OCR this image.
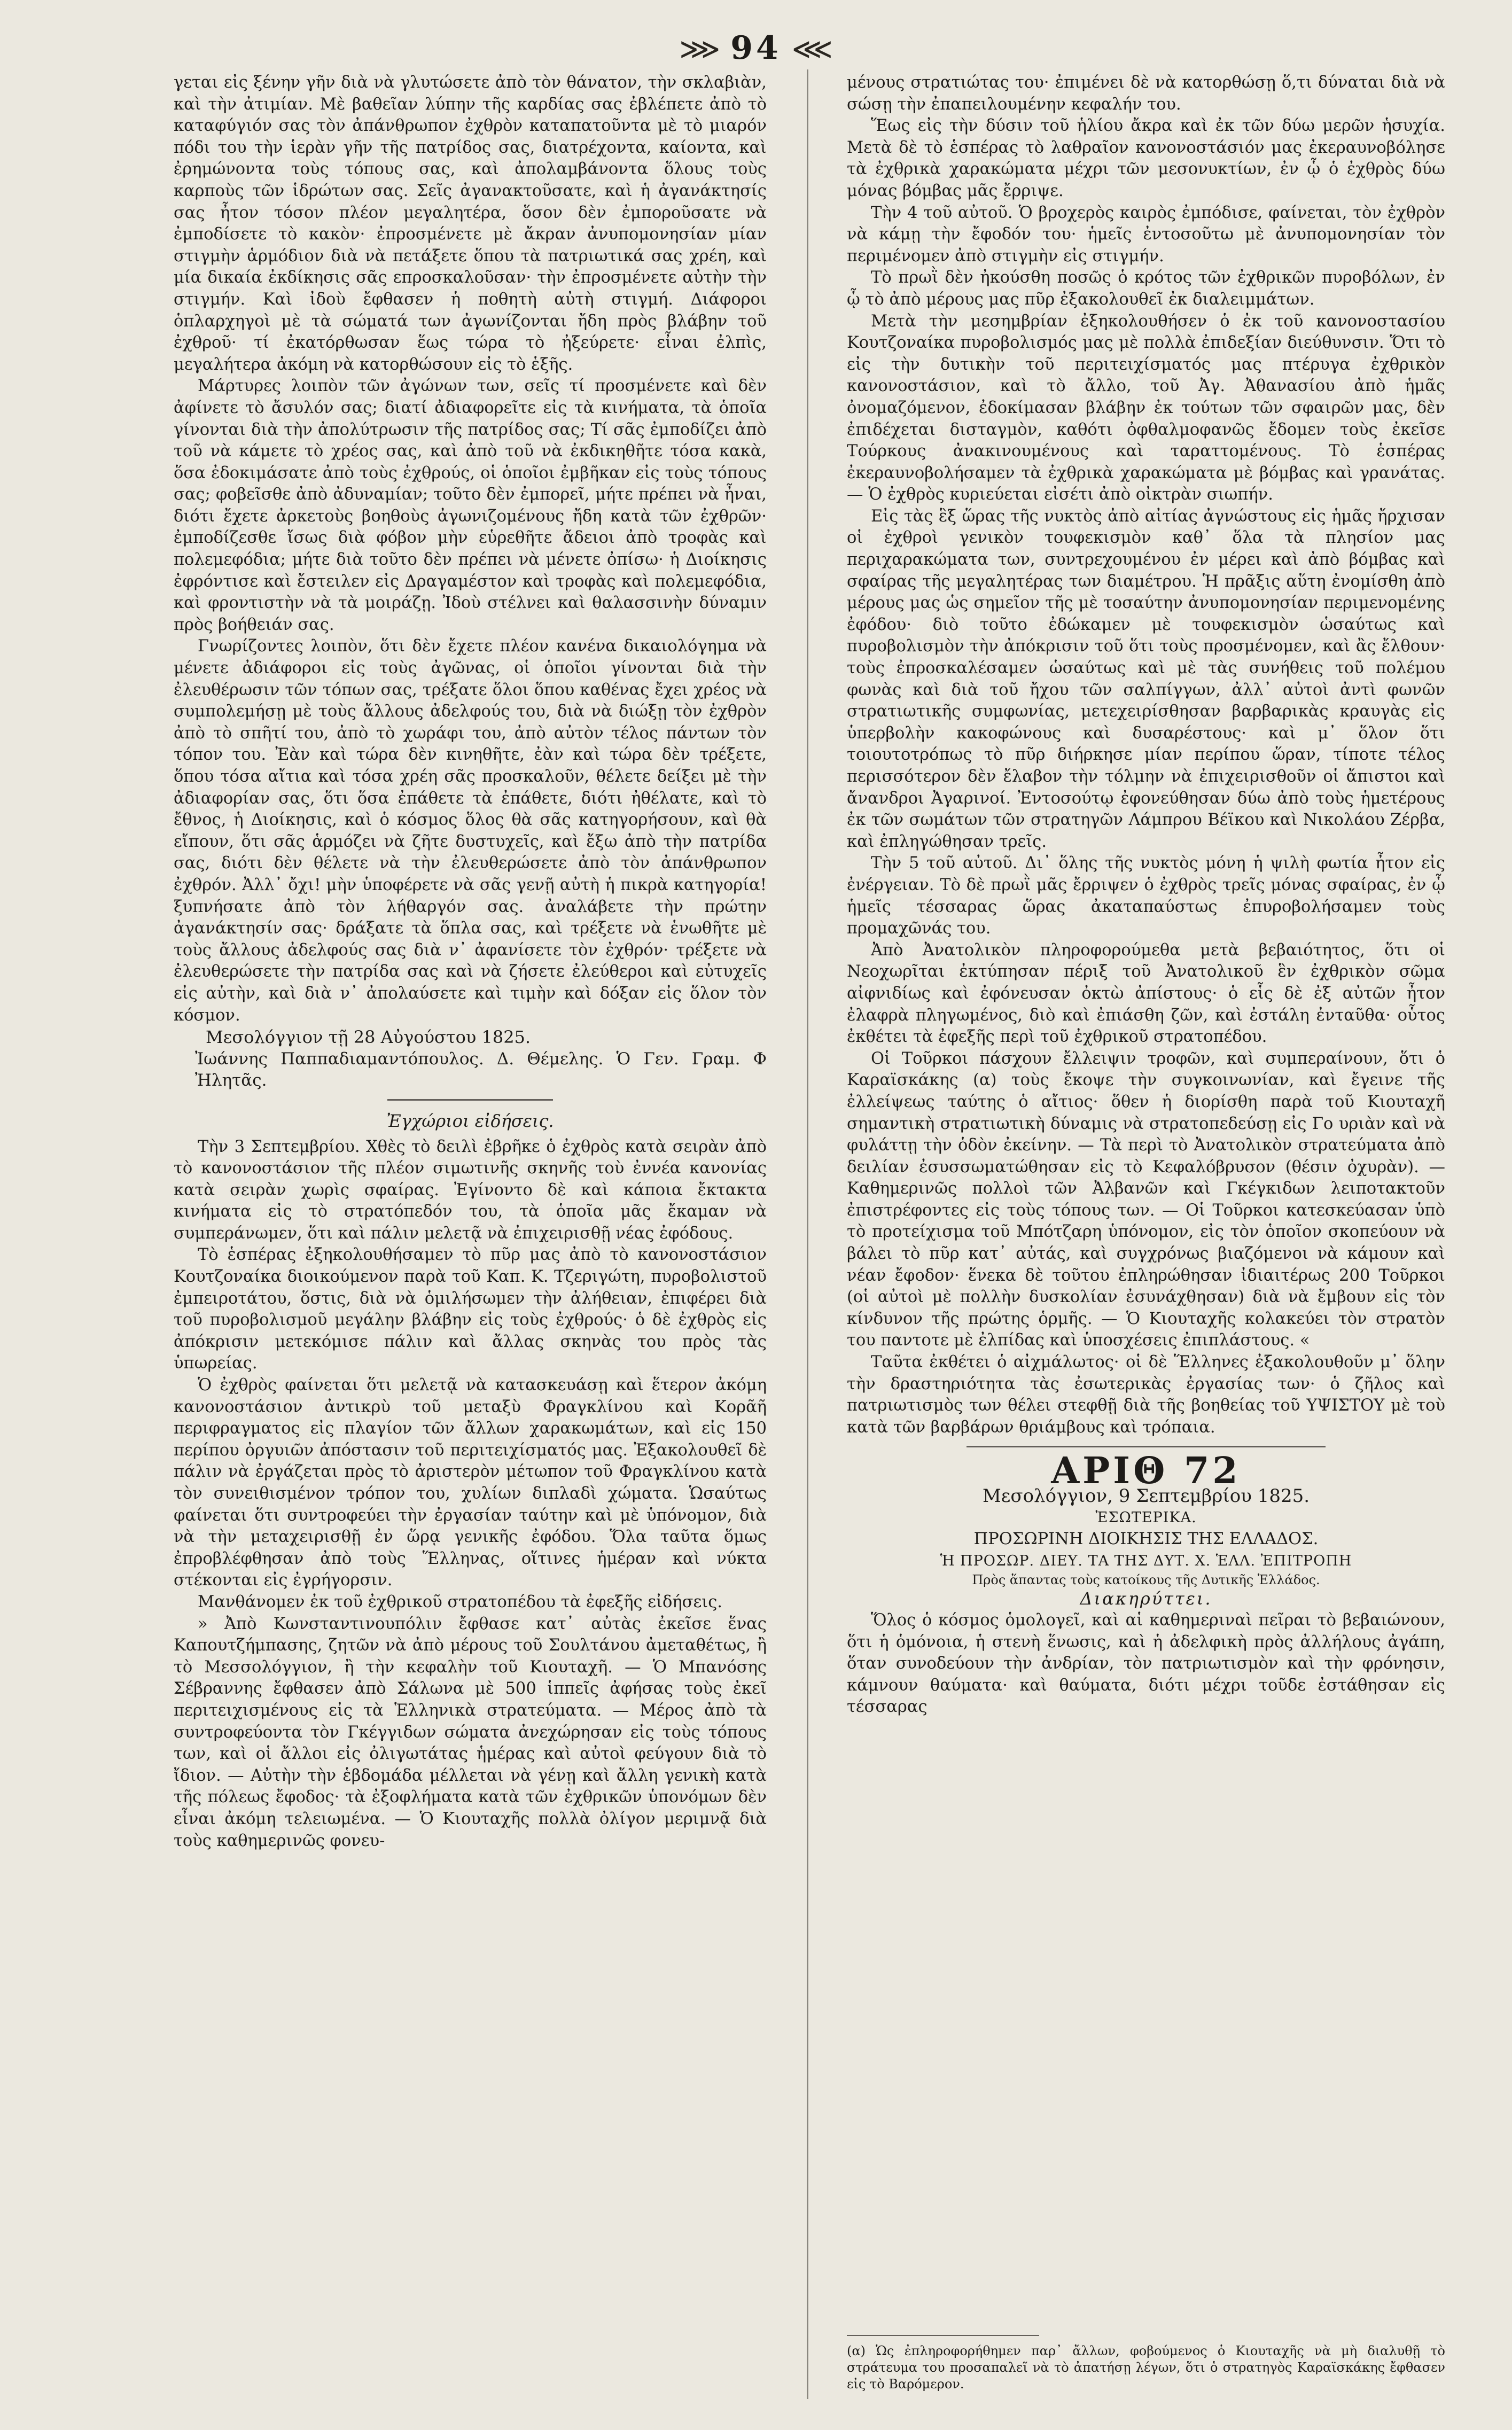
⋙ 94 ⋘

γεται εἰς ξένην γῆν διὰ νὰ γλυτώσετε ἀπὸ τὸν θάνατον, τὴν σκλαβιὰν, καὶ τὴν ἀτιμίαν. Μὲ βαθεῖαν λύπην τῆς καρδίας σας ἐβλέπετε ἀπὸ τὸ καταφύγιόν σας τὸν ἀπάνθρωπον ἐχθρὸν καταπατοῦντα μὲ τὸ μιαρόν πόδι του τὴν ἱερὰν γῆν τῆς πατρίδος σας, διατρέχοντα, καίοντα, καὶ ἐρημώνοντα τοὺς τόπους σας, καὶ ἀπολαμβάνοντα ὅλους τοὺς καρποὺς τῶν ἱδρώτων σας. Σεῖς ἀγανακτοῦσατε, καὶ ἡ ἀγανάκτησίς σας ἦτον τόσον πλέον μεγαλητέρα, ὅσον δὲν ἐμποροῦσατε νὰ ἐμποδίσετε τὸ κακὸν· ἐπροσμένετε μὲ ἄκραν ἀνυπομονησίαν μίαν στιγμὴν ἁρμόδιον διὰ νὰ πετάξετε ὅπου τὰ πατριωτικά σας χρέη, καὶ μία δικαία ἐκδίκησις σᾶς επροσκαλοῦσαν· τὴν ἐπροσμένετε αὐτὴν τὴν στιγμήν. Καὶ ἰδοὺ ἔφθασεν ἡ ποθητὴ αὐτὴ στιγμή. Διάφοροι ὁπλαρχηγοὶ μὲ τὰ σώματά των ἀγωνίζονται ἤδη πρὸς βλάβην τοῦ ἐχθροῦ· τί ἐκατόρθωσαν ἕως τώρα τὸ ἠξεύρετε· εἶναι ἐλπὶς, μεγαλήτερα ἀκόμη νὰ κατορθώσουν εἰς τὸ ἑξῆς.

Μάρτυρες λοιπὸν τῶν ἀγώνων των, σεῖς τί προσμένετε καὶ δὲν ἀφίνετε τὸ ἄσυλόν σας; διατί ἀδιαφορεῖτε εἰς τὰ κινήματα, τὰ ὁποῖα γίνονται διὰ τὴν ἀπολύτρωσιν τῆς πατρίδος σας; Τί σᾶς ἐμποδίζει ἀπὸ τοῦ νὰ κάμετε τὸ χρέος σας, καὶ ἀπὸ τοῦ νὰ ἐκδικηθῆτε τόσα κακὰ, ὅσα ἐδοκιμάσατε ἀπὸ τοὺς ἐχθρούς, οἱ ὁποῖοι ἐμβῆκαν εἰς τοὺς τόπους σας; φοβεῖσθε ἀπὸ ἀδυναμίαν; τοῦτο δὲν ἐμπορεῖ, μήτε πρέπει νὰ ἦναι, διότι ἔχετε ἀρκετοὺς βοηθοὺς ἀγωνιζομένους ἤδη κατὰ τῶν ἐχθρῶν· ἐμποδίζεσθε ἴσως διὰ φόβον μὴν εὑρεθῆτε ἄδειοι ἀπὸ τροφὰς καὶ πολεμεφόδια; μήτε διὰ τοῦτο δὲν πρέπει νὰ μένετε ὀπίσω· ἡ Διοίκησις ἐφρόντισε καὶ ἔστειλεν εἰς Δραγαμέστον καὶ τροφὰς καὶ πολεμεφόδια, καὶ φροντιστὴν νὰ τὰ μοιράζῃ. Ἰδοὺ στέλνει καὶ θαλασσινὴν δύναμιν πρὸς βοήθειάν σας.

Γνωρίζοντες λοιπὸν, ὅτι δὲν ἔχετε πλέον κανένα δικαιολόγημα νὰ μένετε ἀδιάφοροι εἰς τοὺς ἀγῶνας, οἱ ὁποῖοι γίνονται διὰ τὴν ἐλευθέρωσιν τῶν τόπων σας, τρέξατε ὅλοι ὅπου καθένας ἔχει χρέος νὰ συμπολεμήσῃ μὲ τοὺς ἄλλους ἀδελφούς του, διὰ νὰ διώξῃ τὸν ἐχθρὸν ἀπὸ τὸ σπῆτί του, ἀπὸ τὸ χωράφι του, ἀπὸ αὐτὸν τέλος πάντων τὸν τόπον του. Ἐὰν καὶ τώρα δὲν κινηθῆτε, ἐὰν καὶ τώρα δὲν τρέξετε, ὅπου τόσα αἴτια καὶ τόσα χρέη σᾶς προσκαλοῦν, θέλετε δείξει μὲ τὴν ἀδιαφορίαν σας, ὅτι ὅσα ἐπάθετε τὰ ἐπάθετε, διότι ἠθέλατε, καὶ τὸ ἔθνος, ἡ Διοίκησις, καὶ ὁ κόσμος ὅλος θὰ σᾶς κατηγορήσουν, καὶ θὰ εἴπουν, ὅτι σᾶς ἁρμόζει νὰ ζῆτε δυστυχεῖς, καὶ ἔξω ἀπὸ τὴν πατρίδα σας, διότι δὲν θέλετε νὰ τὴν ἐλευθερώσετε ἀπὸ τὸν ἀπάνθρωπον ἐχθρόν. Ἀλλ᾽ ὄχι! μὴν ὑποφέρετε νὰ σᾶς γενῇ αὐτὴ ἡ πικρὰ κατηγορία! ξυπνήσατε ἀπὸ τὸν λήθαργόν σας. ἀναλάβετε τὴν πρώτην ἀγανάκτησίν σας· δράξατε τὰ ὅπλα σας, καὶ τρέξετε νὰ ἑνωθῆτε μὲ τοὺς ἄλλους ἀδελφούς σας διὰ ν᾽ ἀφανίσετε τὸν ἐχθρόν· τρέξετε νὰ ἐλευθερώσετε τὴν πατρίδα σας καὶ νὰ ζήσετε ἐλεύθεροι καὶ εὐτυχεῖς εἰς αὐτὴν, καὶ διὰ ν᾽ ἀπολαύσετε καὶ τιμὴν καὶ δόξαν εἰς ὅλον τὸν κόσμον.

Μεσολόγγιον τῇ 28 Αὐγούστου 1825.

Ἰωάννης Παππαδιαμαντόπουλος. Δ. Θέμελης. Ὁ Γεν. Γραμ. Φ Ἠλητᾶς.

Ἐγχώριοι εἰδήσεις.

Τὴν 3 Σεπτεμβρίου. Χθὲς τὸ δειλὶ ἐβρῆκε ὁ ἐχθρὸς κατὰ σειρὰν ἀπὸ τὸ κανονοστάσιον τῆς πλέον σιμωτινῆς σκηνῆς τοὺ ἐννέα κανονίας κατὰ σειρὰν χωρὶς σφαίρας. Ἐγίνοντο δὲ καὶ κάποια ἔκτακτα κινήματα εἰς τὸ στρατόπεδόν του, τὰ ὁποῖα μᾶς ἔκαμαν νὰ συμπεράνωμεν, ὅτι καὶ πάλιν μελετᾷ νὰ ἐπιχειρισθῇ νέας ἐφόδους.

Τὸ ἑσπέρας ἐξηκολουθήσαμεν τὸ πῦρ μας ἀπὸ τὸ κανονοστάσιον Κουτζοναίκα διοικούμενον παρὰ τοῦ Καπ. Κ. Τζεριγώτη, πυροβολιστοῦ ἐμπειροτάτου, ὅστις, διὰ νὰ ὁμιλήσωμεν τὴν ἀλήθειαν, ἐπιφέρει διὰ τοῦ πυροβολισμοῦ μεγάλην βλάβην εἰς τοὺς ἐχθρούς· ὁ δὲ ἐχθρὸς εἰς ἀπόκρισιν μετεκόμισε πάλιν καὶ ἄλλας σκηνὰς του πρὸς τὰς ὑπωρείας.

Ὁ ἐχθρὸς φαίνεται ὅτι μελετᾷ νὰ κατασκευάσῃ καὶ ἕτερον ἀκόμη κανονοστάσιον ἀντικρὺ τοῦ μεταξὺ Φραγκλίνου καὶ Κορᾶῆ περιφραγματος εἰς πλαγίον τῶν ἄλλων χαρακωμάτων, καὶ εἰς 150 περίπου ὀργυιῶν ἀπόστασιν τοῦ περιτειχίσματός μας. Ἐξακολουθεῖ δὲ πάλιν νὰ ἐργάζεται πρὸς τὸ ἀριστερὸν μέτωπον τοῦ Φραγκλίνου κατὰ τὸν συνειθισμένον τρόπον του, χυλίων διπλαδὶ χώματα. Ὡσαύτως φαίνεται ὅτι συντροφεύει τὴν ἐργασίαν ταύτην καὶ μὲ ὑπόνομον, διὰ νὰ τὴν μεταχειρισθῇ ἐν ὥρᾳ γενικῆς ἐφόδου. Ὅλα ταῦτα ὅμως ἐπροβλέφθησαν ἀπὸ τοὺς Ἕλληνας, οἵτινες ἡμέραν καὶ νύκτα στέκονται εἰς ἐγρήγορσιν.

Μανθάνομεν ἐκ τοῦ ἐχθρικοῦ στρατοπέδου τὰ ἐφεξῆς εἰδήσεις.

» Ἀπὸ Κωνσταντινουπόλιν ἔφθασε κατ᾽ αὐτὰς ἐκεῖσε ἕνας Καπουτζήμπασης, ζητῶν νὰ ἀπὸ μέρους τοῦ Σουλτάνου ἀμεταθέτως, ἢ τὸ Μεσσολόγγιον, ἢ τὴν κεφαλὴν τοῦ Κιουταχῆ. — Ὁ Μπανόσης Σέβραννης ἔφθασεν ἀπὸ Σάλωνα μὲ 500 ἱππεῖς ἀφήσας τοὺς ἐκεῖ περιτειχισμένους εἰς τὰ Ἑλληνικὰ στρατεύματα. — Μέρος ἀπὸ τὰ συντροφεύοντα τὸν Γκέγγιδων σώματα ἀνεχώρησαν εἰς τοὺς τόπους των, καὶ οἱ ἄλλοι εἰς ὀλιγωτάτας ἡμέρας καὶ αὐτοὶ φεύγουν διὰ τὸ ἴδιον. — Αὐτὴν τὴν ἑβδομάδα μέλλεται νὰ γένῃ καὶ ἄλλη γενικὴ κατὰ τῆς πόλεως ἔφοδος· τὰ ἐξοφλήματα κατὰ τῶν ἐχθρικῶν ὑπονόμων δὲν εἶναι ἀκόμη τελειωμένα. — Ὁ Κιουταχῆς πολλὰ ὀλίγον μεριμνᾷ διὰ τοὺς καθημερινῶς φονευ-

μένους στρατιώτας του· ἐπιμένει δὲ νὰ κατορθώσῃ ὅ,τι δύναται διὰ νὰ σώσῃ τὴν ἐπαπειλουμένην κεφαλήν του.

Ἕως εἰς τὴν δύσιν τοῦ ἡλίου ἄκρα καὶ ἐκ τῶν δύω μερῶν ἡσυχία. Μετὰ δὲ τὸ ἑσπέρας τὸ λαθραῖον κανονοστάσιόν μας ἐκεραυνοβόλησε τὰ ἐχθρικὰ χαρακώματα μέχρι τῶν μεσονυκτίων, ἐν ᾧ ὁ ἐχθρὸς δύω μόνας βόμβας μᾶς ἔρριψε.

Τὴν 4 τοῦ αὐτοῦ. Ὁ βροχερὸς καιρὸς ἐμπόδισε, φαίνεται, τὸν ἐχθρὸν νὰ κάμῃ τὴν ἔφοδόν του· ἡμεῖς ἐντοσοῦτω μὲ ἀνυπομονησίαν τὸν περιμένομεν ἀπὸ στιγμὴν εἰς στιγμήν.

Τὸ πρωῒ δὲν ἠκούσθη ποσῶς ὁ κρότος τῶν ἐχθρικῶν πυροβόλων, ἐν ᾧ τὸ ἀπὸ μέρους μας πῦρ ἐξακολουθεῖ ἐκ διαλειμμάτων.

Μετὰ τὴν μεσημβρίαν ἐξηκολουθήσεν ὁ ἐκ τοῦ κανονοστασίου Κουτζοναίκα πυροβολισμός μας μὲ πολλὰ ἐπιδεξίαν διεύθυνσιν. Ὅτι τὸ εἰς τὴν δυτικὴν τοῦ περιτειχίσματός μας πτέρυγα ἐχθρικὸν κανονοστάσιον, καὶ τὸ ἄλλο, τοῦ Ἀγ. Ἀθανασίου ἀπὸ ἡμᾶς ὀνομαζόμενον, ἐδοκίμασαν βλάβην ἐκ τούτων τῶν σφαιρῶν μας, δὲν ἐπιδέχεται δισταγμὸν, καθότι ὀφθαλμοφανῶς ἔδομεν τοὺς ἐκεῖσε Τούρκους ἀνακινουμένους καὶ ταραττομένους. Τὸ ἑσπέρας ἐκεραυνοβολήσαμεν τὰ ἐχθρικὰ χαρακώματα μὲ βόμβας καὶ γρανάτας. — Ὁ ἐχθρὸς κυριεύεται εἰσέτι ἀπὸ οἰκτρὰν σιωπήν.

Εἰς τὰς ἓξ ὥρας τῆς νυκτὸς ἀπὸ αἰτίας ἀγνώστους εἰς ἡμᾶς ἤρχισαν οἱ ἐχθροὶ γενικὸν τουφεκισμὸν καθ᾽ ὅλα τὰ πλησίον μας περιχαρακώματα των, συντρεχουμένου ἐν μέρει καὶ ἀπὸ βόμβας καὶ σφαίρας τῆς μεγαλητέρας των διαμέτρου. Ἡ πρᾶξις αὕτη ἐνομίσθη ἀπὸ μέρους μας ὡς σημεῖον τῆς μὲ τοσαύτην ἀνυπομονησίαν περιμενομένης ἐφόδου· διὸ τοῦτο ἐδώκαμεν μὲ τουφεκισμὸν ὡσαύτως καὶ πυροβολισμὸν τὴν ἀπόκρισιν τοῦ ὅτι τοὺς προσμένομεν, καὶ ἂς ἔλθουν· τοὺς ἐπροσκαλέσαμεν ὡσαύτως καὶ μὲ τὰς συνήθεις τοῦ πολέμου φωνὰς καὶ διὰ τοῦ ἤχου τῶν σαλπίγγων, ἀλλ᾽ αὐτοὶ ἀντὶ φωνῶν στρατιωτικῆς συμφωνίας, μετεχειρίσθησαν βαρβαρικὰς κραυγὰς εἰς ὑπερβολὴν κακοφώνους καὶ δυσαρέστους· καὶ μ᾽ ὅλον ὅτι τοιουτοτρόπως τὸ πῦρ διήρκησε μίαν περίπου ὥραν, τίποτε τέλος περισσότερον δὲν ἔλαβον τὴν τόλμην νὰ ἐπιχειρισθοῦν οἱ ἄπιστοι καὶ ἄνανδροι Ἀγαρινοί. Ἐντοσούτῳ ἐφονεύθησαν δύω ἀπὸ τοὺς ἡμετέρους ἐκ τῶν σωμάτων τῶν στρατηγῶν Λάμπρου Βέϊκου καὶ Νικολάου Ζέρβα, καὶ ἐπληγώθησαν τρεῖς.

Τὴν 5 τοῦ αὐτοῦ. Δι᾽ ὅλης τῆς νυκτὸς μόνη ἡ ψιλὴ φωτία ἦτον εἰς ἐνέργειαν. Τὸ δὲ πρωῒ μᾶς ἔρριψεν ὁ ἐχθρὸς τρεῖς μόνας σφαίρας, ἐν ᾧ ἡμεῖς τέσσαρας ὥρας ἀκαταπαύστως ἐπυροβολήσαμεν τοὺς προμαχῶνάς του.

Ἀπὸ Ἀνατολικὸν πληροφορούμεθα μετὰ βεβαιότητος, ὅτι οἱ Νεοχωρῖται ἐκτύπησαν πέριξ τοῦ Ἀνατολικοῦ ἓν ἐχθρικὸν σῶμα αἰφνιδίως καὶ ἐφόνευσαν ὀκτὼ ἀπίστους· ὁ εἷς δὲ ἐξ αὐτῶν ἦτον ἐλαφρὰ πληγωμένος, διὸ καὶ ἐπιάσθη ζῶν, καὶ ἐστάλη ἐνταῦθα· οὗτος ἐκθέτει τὰ ἐφεξῆς περὶ τοῦ ἐχθρικοῦ στρατοπέδου.

Οἱ Τοῦρκοι πάσχουν ἔλλειψιν τροφῶν, καὶ συμπεραίνουν, ὅτι ὁ Καραϊσκάκης (α) τοὺς ἔκοψε τὴν συγκοινωνίαν, καὶ ἔγεινε τῆς ἐλλείψεως ταύτης ὁ αἴτιος· ὅθεν ἡ διορίσθη παρὰ τοῦ Κιουταχῆ σημαντικὴ στρατιωτικὴ δύναμις νὰ στρατοπεδεύσῃ εἰς Γο υριὰν καὶ νὰ φυλάττῃ τὴν ὁδὸν ἐκείνην. — Τὰ περὶ τὸ Ἀνατολικὸν στρατεύματα ἀπὸ δειλίαν ἐσυσσωματώθησαν εἰς τὸ Κεφαλόβρυσον (θέσιν ὀχυρὰν). — Καθημερινῶς πολλοὶ τῶν Ἀλβανῶν καὶ Γκέγκιδων λειποτακτοῦν ἐπιστρέφοντες εἰς τοὺς τόπους των. — Οἱ Τοῦρκοι κατεσκεύασαν ὑπὸ τὸ προτείχισμα τοῦ Μπότζαρη ὑπόνομον, εἰς τὸν ὁποῖον σκοπεύουν νὰ βάλει τὸ πῦρ κατ᾽ αὐτάς, καὶ συγχρόνως βιαζόμενοι νὰ κάμουν καὶ νέαν ἔφοδον· ἕνεκα δὲ τοῦτου ἐπληρώθησαν ἰδιαιτέρως 200 Τοῦρκοι (οἱ αὐτοὶ μὲ πολλὴν δυσκολίαν ἐσυνάχθησαν) διὰ νὰ ἔμβουν εἰς τὸν κίνδυνον τῆς πρώτης ὁρμῆς. — Ὁ Κιουταχῆς κολακεύει τὸν στρατὸν του παντοτε μὲ ἐλπίδας καὶ ὑποσχέσεις ἐπιπλάστους. «

Ταῦτα ἐκθέτει ὁ αἰχμάλωτος· οἱ δὲ Ἕλληνες ἐξακολουθοῦν μ᾽ ὅλην τὴν δραστηριότητα τὰς ἐσωτερικὰς ἐργασίας των· ὁ ζῆλος καὶ πατριωτισμὸς των θέλει στεφθῇ διὰ τῆς βοηθείας τοῦ ΥΨΙΣΤΟΥ μὲ τοὺ κατὰ τῶν βαρβάρων θριάμβους καὶ τρόπαια.

ΑΡΙΘ 72

Μεσολόγγιον, 9 Σεπτεμβρίου 1825.

ἘΣΩΤΕΡΙΚΑ.

ΠΡΟΣΩΡΙΝΗ ΔΙΟΙΚΗΣΙΣ ΤΗΣ ΕΛΛΑΔΟΣ.

Ἡ ΠΡΟΣΩΡ. ΔΙΕΥ. ΤΑ ΤΗΣ ΔΥΤ. Χ. ἙΛΛ. ἘΠΙΤΡΟΠΗ

Πρὸς ἅπαντας τοὺς κατοίκους τῆς Δυτικῆς Ἑλλάδος.

Διακηρύττει.

Ὅλος ὁ κόσμος ὁμολογεῖ, καὶ αἱ καθημεριναὶ πεῖραι τὸ βεβαιώνουν, ὅτι ἡ ὁμόνοια, ἡ στενὴ ἕνωσις, καὶ ἡ ἀδελφικὴ πρὸς ἀλλήλους ἀγάπη, ὅταν συνοδεύουν τὴν ἀνδρίαν, τὸν πατριωτισμὸν καὶ τὴν φρόνησιν, κάμνουν θαύματα· καὶ θαύματα, διότι μέχρι τοῦδε ἐστάθησαν εἰς τέσσαρας

(α) Ὡς ἐπληροφορήθημεν παρ᾽ ἄλλων, φοβούμενος ὁ Κιουταχῆς νὰ μὴ διαλυθῇ τὸ στράτευμα του προσαπαλεῖ νὰ τὸ ἀπατήσῃ λέγων, ὅτι ὁ στρατηγὸς Καραϊσκάκης ἔφθασεν εἰς τὸ Βαρόμερον.
